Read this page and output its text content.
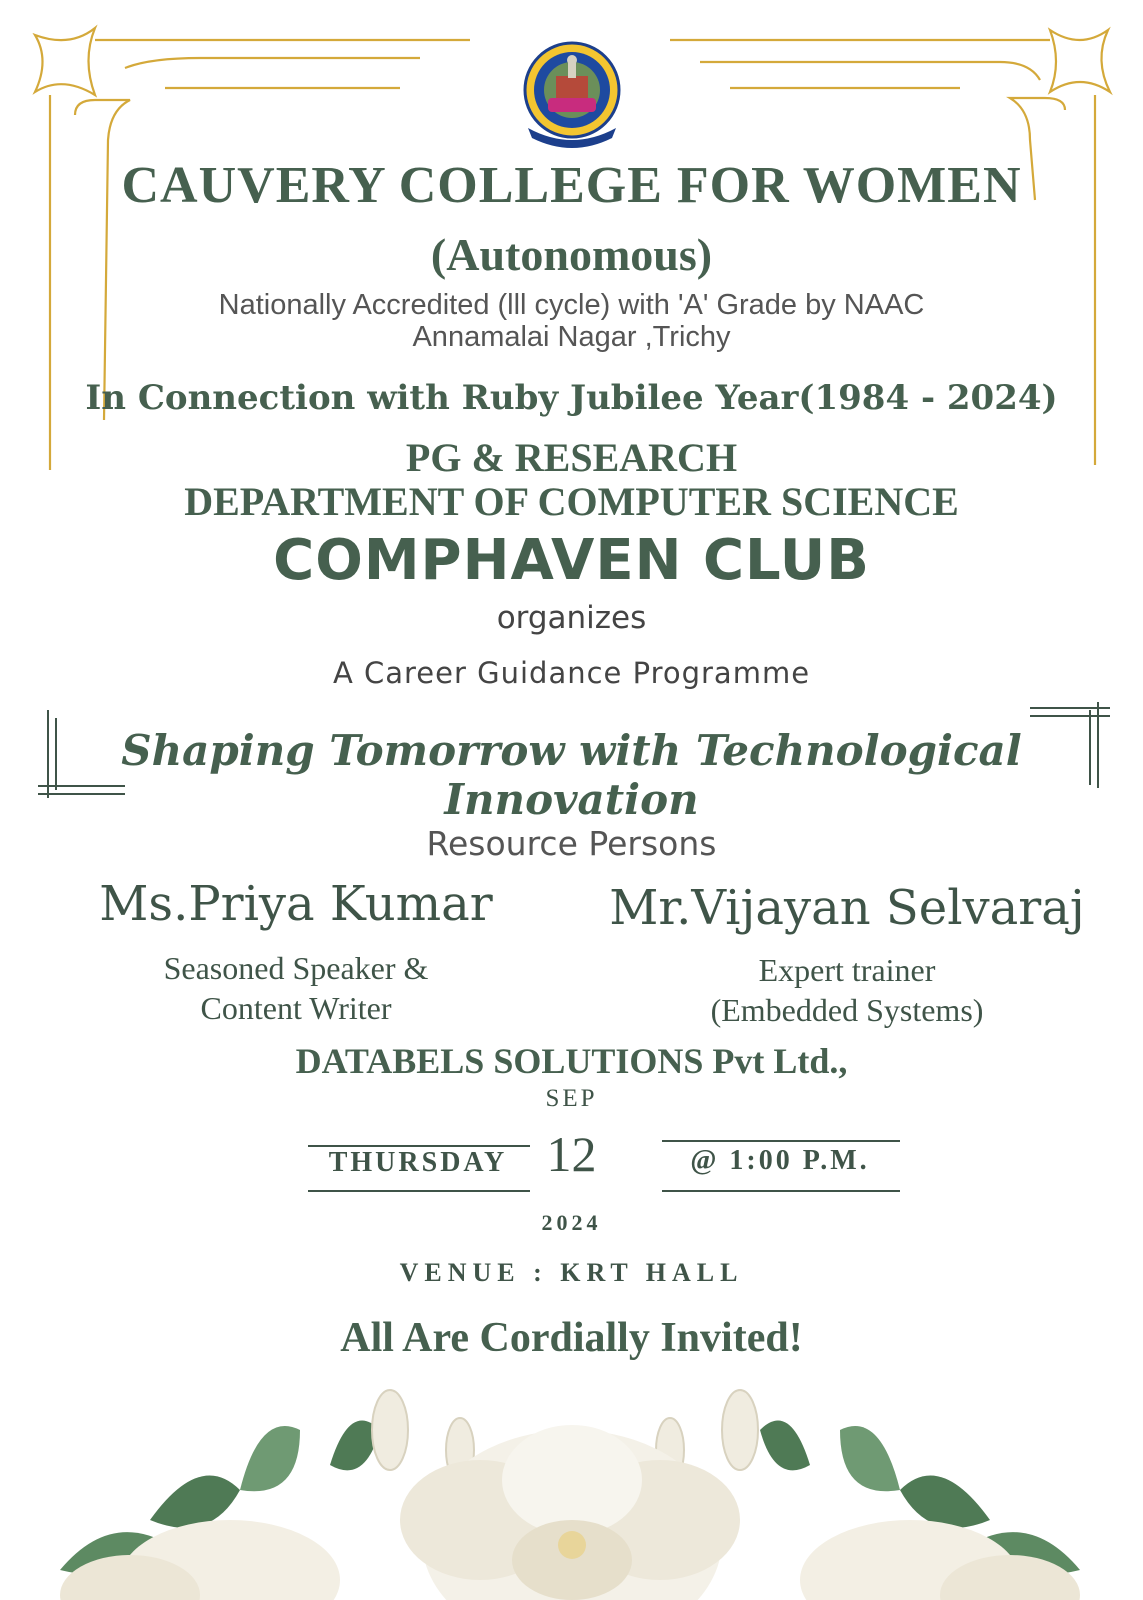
CAUVERY COLLEGE FOR WOMEN
(Autonomous)
Nationally Accredited (lll cycle) with 'A' Grade by NAAC
Annamalai Nagar ,Trichy
In Connection with Ruby Jubilee Year(1984 - 2024)
PG & RESEARCH
DEPARTMENT OF COMPUTER SCIENCE
COMPHAVEN CLUB
organizes
A Career Guidance Programme
Shaping Tomorrow with Technological Innovation
Resource Persons
Ms.Priya Kumar	Mr.Vijayan Selvaraj
Seasoned Speaker &
Content Writer
Expert trainer
(Embedded Systems)
DATABELS SOLUTIONS Pvt Ltd.,
SEP
THURSDAY 12	@ 1:00 P.M.
2024
VENUE : KRT HALL
All Are Cordially Invited!
